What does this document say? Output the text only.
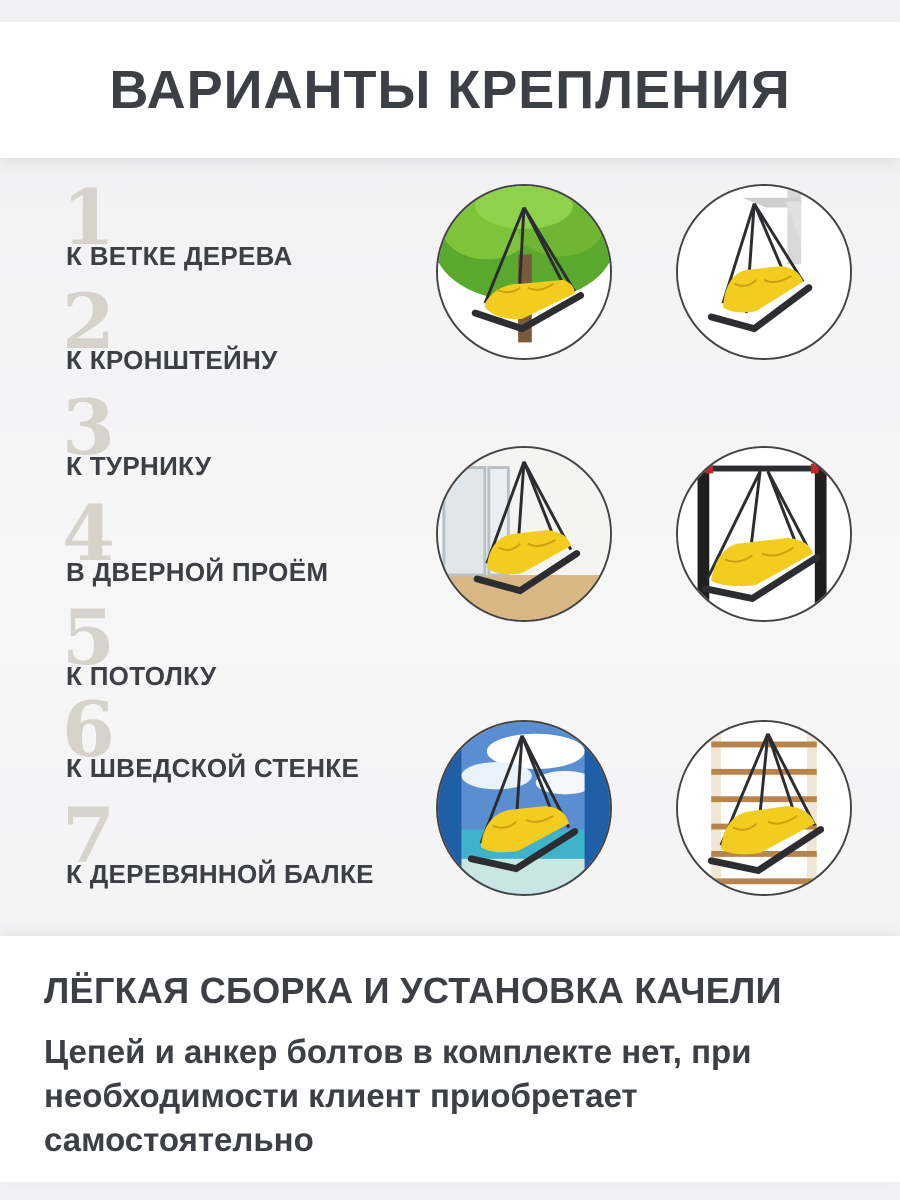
ВАРИАНТЫ КРЕПЛЕНИЯ
1
К ВЕТКЕ ДЕРЕВА
2
К КРОНШТЕЙНУ
3
К ТУРНИКУ
4
В ДВЕРНОЙ ПРОЁМ
5
К ПОТОЛКУ
6
К ШВЕДСКОЙ СТЕНКЕ
7
К ДЕРЕВЯННОЙ БАЛКЕ
ЛЁГКАЯ СБОРКА И УСТАНОВКА КАЧЕЛИ

Цепей и анкер болтов в комплекте нет, при необходимости клиент приобретает самостоятельно
